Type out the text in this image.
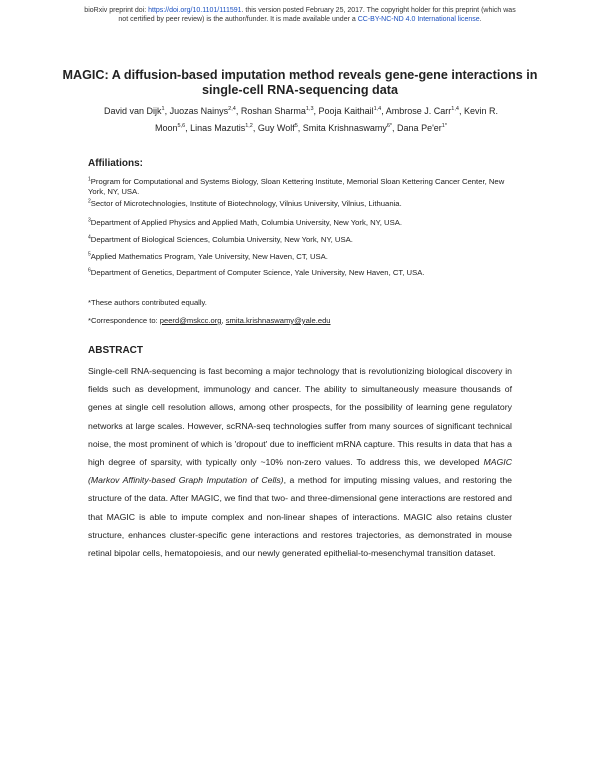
bioRxiv preprint doi: https://doi.org/10.1101/111591. this version posted February 25, 2017. The copyright holder for this preprint (which was
not certified by peer review) is the author/funder. It is made available under a CC-BY-NC-ND 4.0 International license.
MAGIC: A diffusion-based imputation method reveals gene-gene interactions in single-cell RNA-sequencing data
David van Dijk$^1$, Juozas Nainys$^{2,4}$, Roshan Sharma$^{1,3}$, Pooja Kaithail$^{1,4}$, Ambrose J. Carr$^{1,4}$, Kevin R. Moon$^{5,6}$, Linas Mazutis$^{1,2}$, Guy Wolf$^5$, Smita Krishnaswamy$^{6*}$, Dana $Pe'er^{1*}$
Affiliations:
$^1$Program for Computational and Systems Biology, Sloan Kettering Institute, Memorial Sloan Kettering Cancer Center, New York, NY, USA.
$^2$Sector of Microtechnologies, Institute of Biotechnology, Vilnius University, Vilnius, Lithuania.
$^3$Department of Applied Physics and Applied Math, Columbia University, New York, NY, USA.
$^4$Department of Biological Sciences, Columbia University, New York, NY, USA.
$^5$Applied Mathematics Program, Yale University, New Haven, CT, USA.
$^6$Department of Genetics, Department of Computer Science, Yale University, New Haven, CT, USA.
*These authors contributed equally.
*Correspondence to: peerd@mskcc.org, smita.krishnaswamy@yale.edu
ABSTRACT
Single-cell RNA-sequencing is fast becoming a major technology that is revolutionizing biological discovery in fields such as development, immunology and cancer. The ability to simultaneously measure thousands of genes at single cell resolution allows, among other prospects, for the possibility of learning gene regulatory networks at large scales. However, scRNA-seq technologies suffer from many sources of significant technical noise, the most prominent of which is 'dropout' due to inefficient mRNA capture. This results in data that has a high degree of sparsity, with typically only ~10% non-zero values. To address this, we developed MAGIC (Markov Affinity-based Graph Imputation of Cells), a method for imputing missing values, and restoring the structure of the data. After MAGIC, we find that two- and three-dimensional gene interactions are restored and that MAGIC is able to impute complex and non-linear shapes of interactions. MAGIC also retains cluster structure, enhances cluster-specific gene interactions and restores trajectories, as demonstrated in mouse retinal bipolar cells, hematopoiesis, and our newly generated epithelial-to-mesenchymal transition dataset.
